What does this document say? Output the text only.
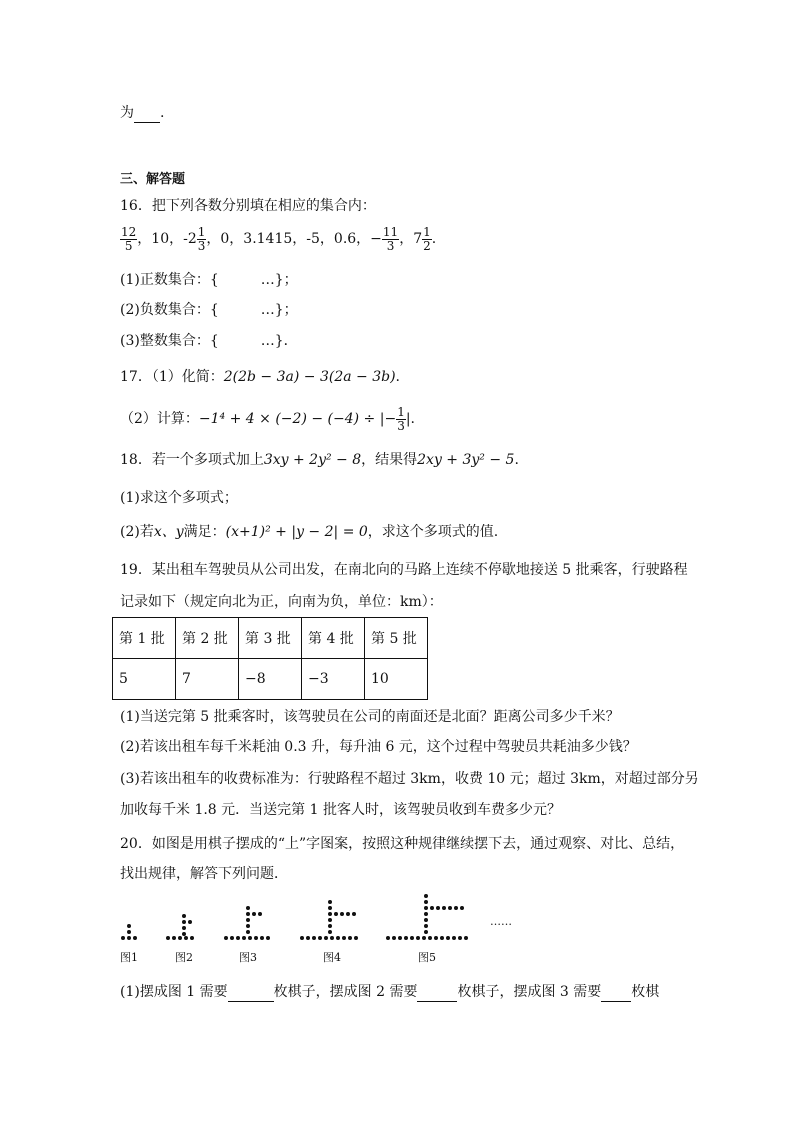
为 .
三、解答题
16．把下列各数分别填在相应的集合内：
$\frac{12}{5}$ ，10，$-2 \frac{1}{3}$ ，0，3.1415，-5，0.6，− $\frac{11}{3}$ ，$7 \frac{1}{2}$ .
(1)正数集合：{　　　…}；
(2)负数集合：{　　　…}；
(3)整数集合：{　　　…}．
17．（1）化简：2(2b − 3a) − 3(2a − 3b).
（2）计算：−1⁴ + 4 × (−2) − (−4) ÷ |− $\frac{1}{3}$ |.
18．若一个多项式加上3xy + 2y² − 8，结果得2xy + 3y² − 5.
(1)求这个多项式；
(2)若x、y满足：(x+1)² + |y − 2| = 0，求这个多项式的值.
19．某出租车驾驶员从公司出发，在南北向的马路上连续不停歇地接送 5 批乘客，行驶路程
记录如下（规定向北为正，向南为负，单位：km）：
第 1 批	第 2 批	第 3 批	第 4 批	第 5 批
5	7	−8	−3	10
(1)当送完第 5 批乘客时，该驾驶员在公司的南面还是北面？距离公司多少千米？
(2)若该出租车每千米耗油 0.3 升，每升油 6 元，这个过程中驾驶员共耗油多少钱？
(3)若该出租车的收费标准为：行驶路程不超过 3km，收费 10 元；超过 3km，对超过部分另
加收每千米 1.8 元．当送完第 1 批客人时，该驾驶员收到车费多少元？
20．如图是用棋子摆成的“上”字图案，按照这种规律继续摆下去，通过观察、对比、总结，
找出规律，解答下列问题．
……
图1	图2	图3	图4	图5
(1)摆成图 1 需要	枚棋子，摆成图 2 需要	枚棋子，摆成图 3 需要 枚棋
